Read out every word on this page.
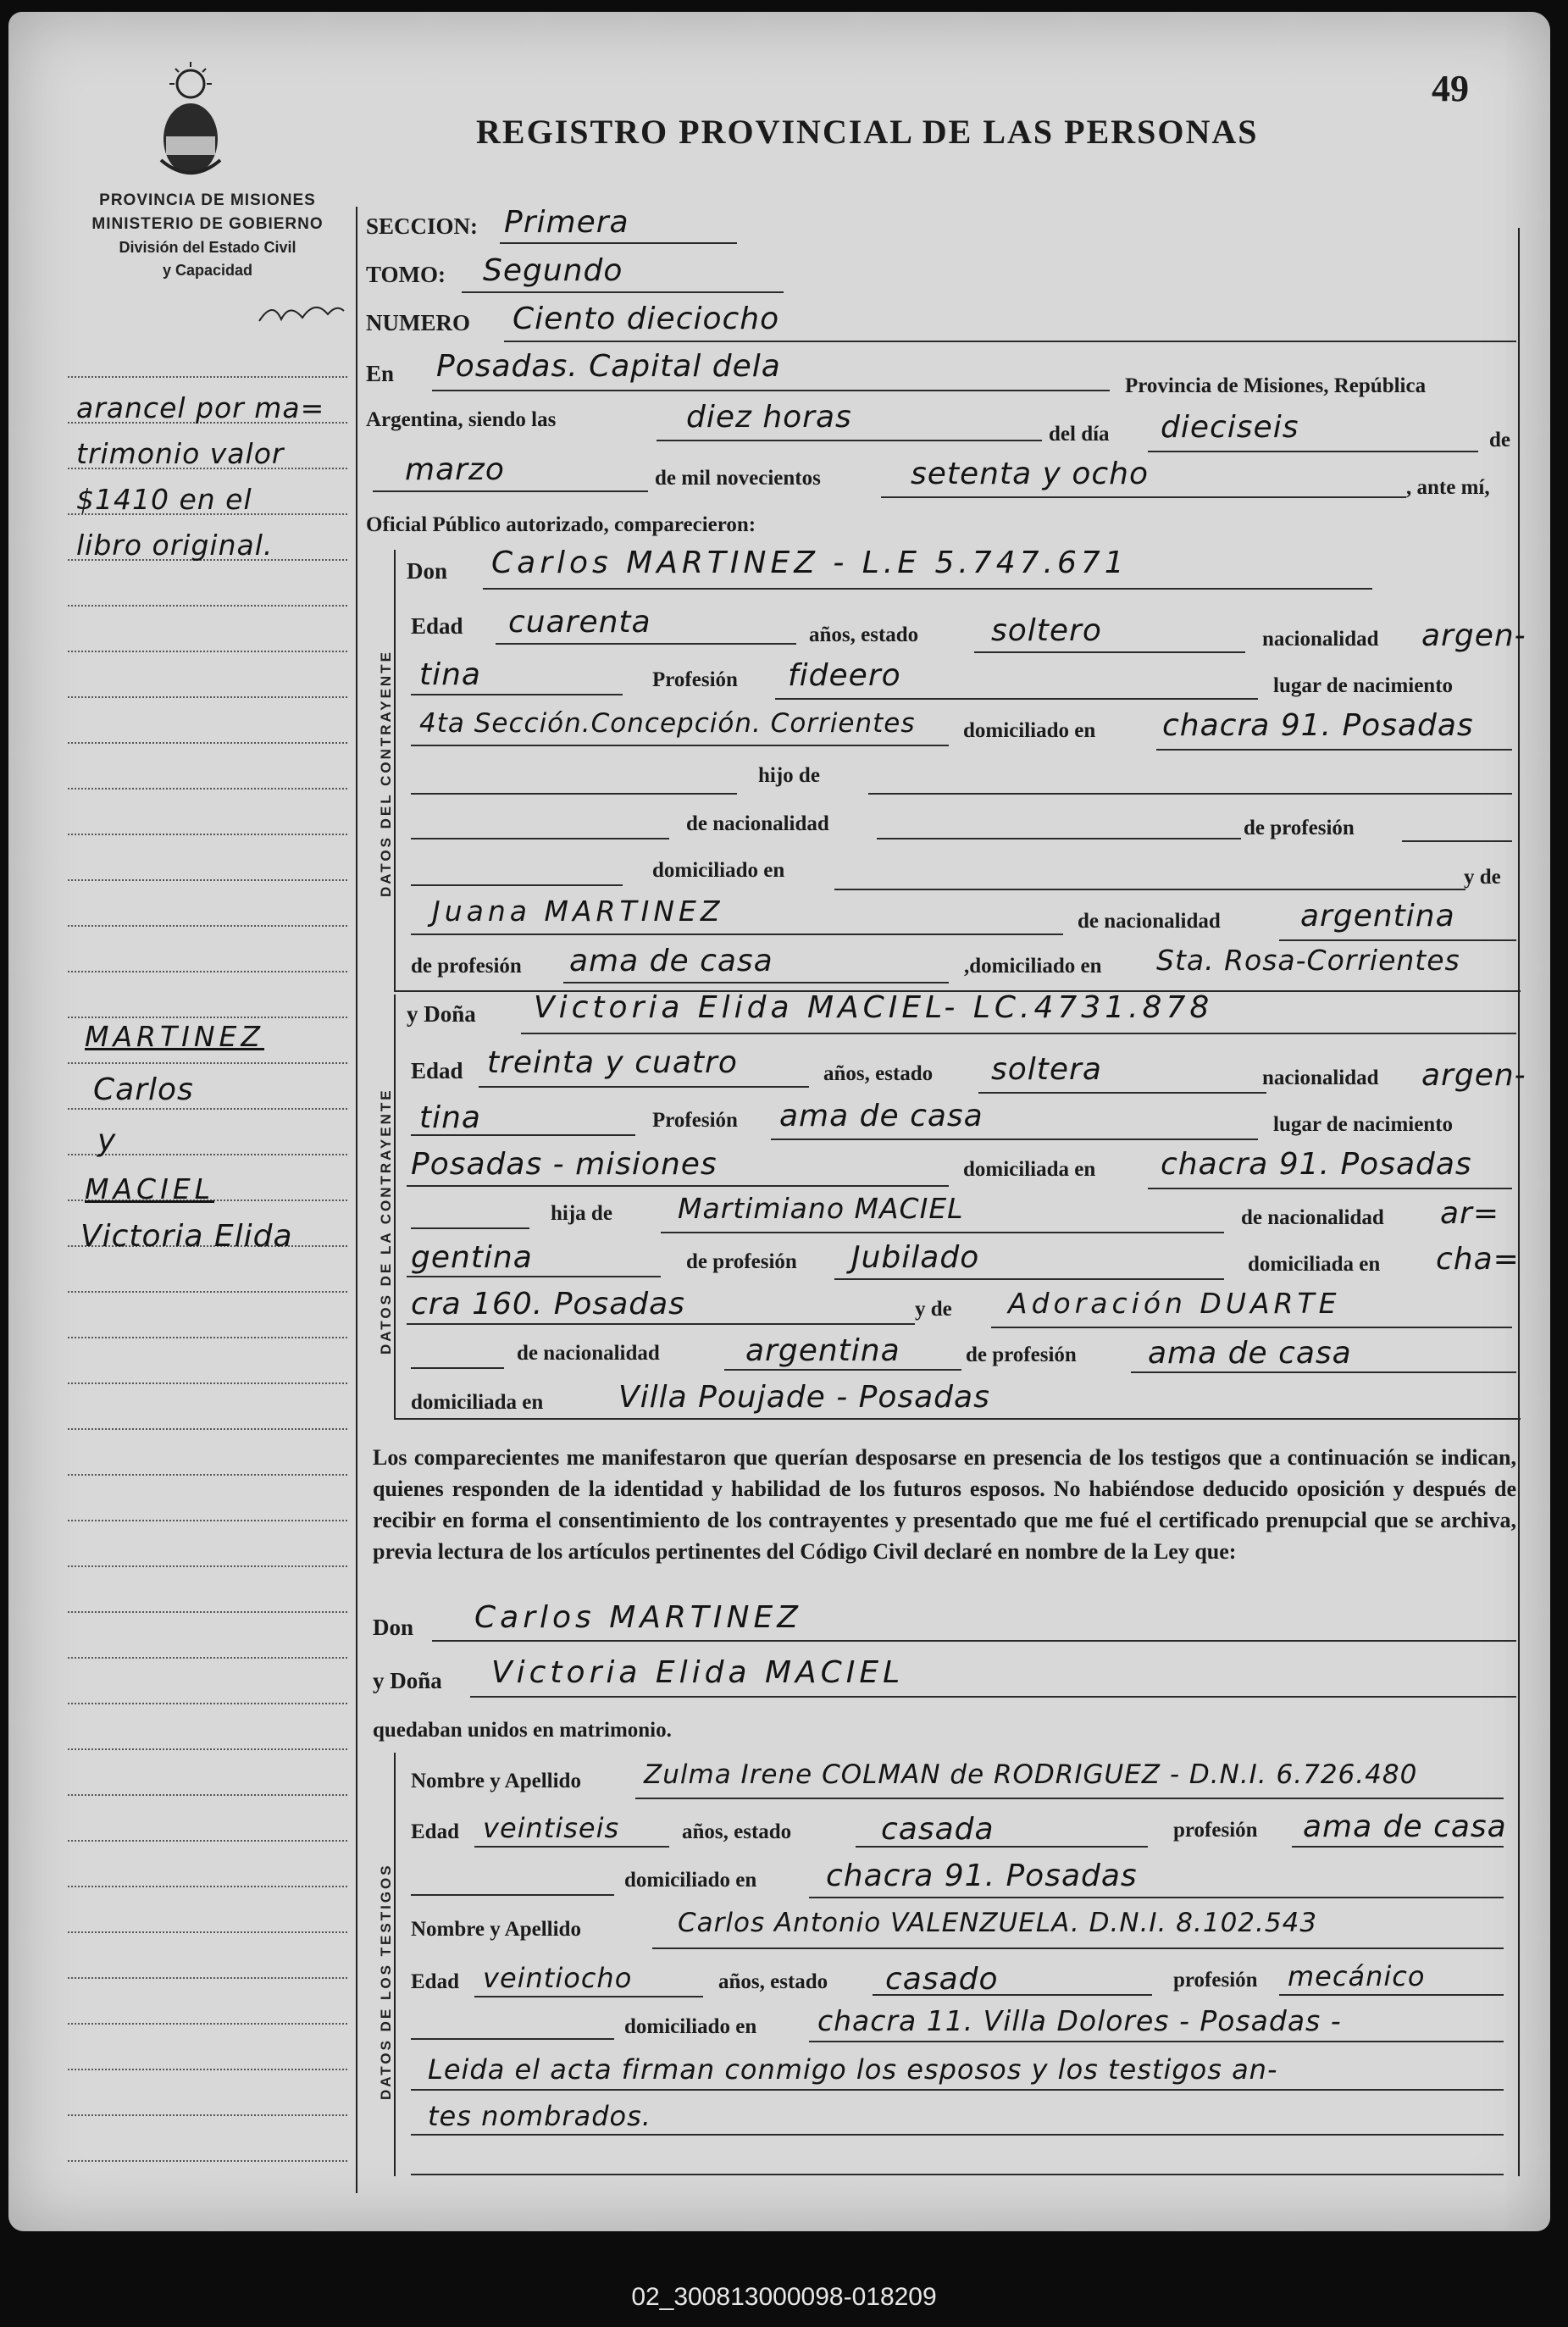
49
REGISTRO PROVINCIAL DE LAS PERSONAS
PROVINCIA DE MISIONES
MINISTERIO DE GOBIERNO
División del Estado Civil
y Capacidad
arancel por ma=
trimonio valor
$1410 en el
libro original.
MARTINEZ
Carlos
y
MACIEL
Victoria Elida
SECCION: Primera
TOMO: Segundo
NUMERO Ciento dieciocho
En Posadas. Capital dela
Provincia de Misiones, República
Argentina, siendo las	diez horas	del día dieciseis	de
marzo	de mil novecientos	setenta y ocho	, ante mí,
Oficial Público autorizado, comparecieron:
DATOS DEL CONTRAYENTE
Don Carlos MARTINEZ - L.E 5.747.671
Edad cuarenta	años, estado soltero	nacionalidad argen-
tina	Profesión fideero	lugar de nacimiento
4ta Sección.Concepción. Corrientes domiciliado en chacra 91. Posadas
hijo de
de nacionalidad	de profesión
domiciliado en	y de
Juana MARTINEZ	de nacionalidad	argentina
de profesión ama de casa	,domiciliado en Sta. Rosa-Corrientes
DATOS DE LA CONTRAYENTE
y Doña Victoria Elida MACIEL- LC.4731.878
Edad treinta y cuatro	años, estado soltera	nacionalidad argen-
tina	Profesión ama de casa	lugar de nacimiento
Posadas - misiones	domiciliada en chacra 91. Posadas
hija de Martimiano MACIEL	de nacionalidad ar=
gentina	de profesión Jubilado	domiciliada en cha=
cra 160. Posadas	y de Adoración DUARTE
de nacionalidad	argentina	de profesión ama de casa
domiciliada en Villa Poujade - Posadas
Los comparecientes me manifestaron que querían desposarse en presencia de los testigos que a continuación se indican, quienes responden de la identidad y habilidad de los futuros esposos. No habiéndose deducido oposición y después de recibir en forma el consentimiento de los contrayentes y presentado que me fué el certificado prenupcial que se archiva, previa lectura de los artículos pertinentes del Código Civil declaré en nombre de la Ley que:
Don Carlos MARTINEZ
y Doña Victoria Elida MACIEL
quedaban unidos en matrimonio.
DATOS DE LOS TESTIGOS
Nombre y Apellido Zulma Irene COLMAN de RODRIGUEZ - D.N.I. 6.726.480
Edad veintiseis	años, estado	casada	profesión ama de casa
domiciliado en chacra 91. Posadas
Nombre y Apellido	Carlos Antonio VALENZUELA. D.N.I. 8.102.543
Edad veintiocho	años, estado casado	profesión mecánico
domiciliado en chacra 11. Villa Dolores - Posadas -
Leida el acta firman conmigo los esposos y los testigos an-
tes nombrados.
02_300813000098-018209
